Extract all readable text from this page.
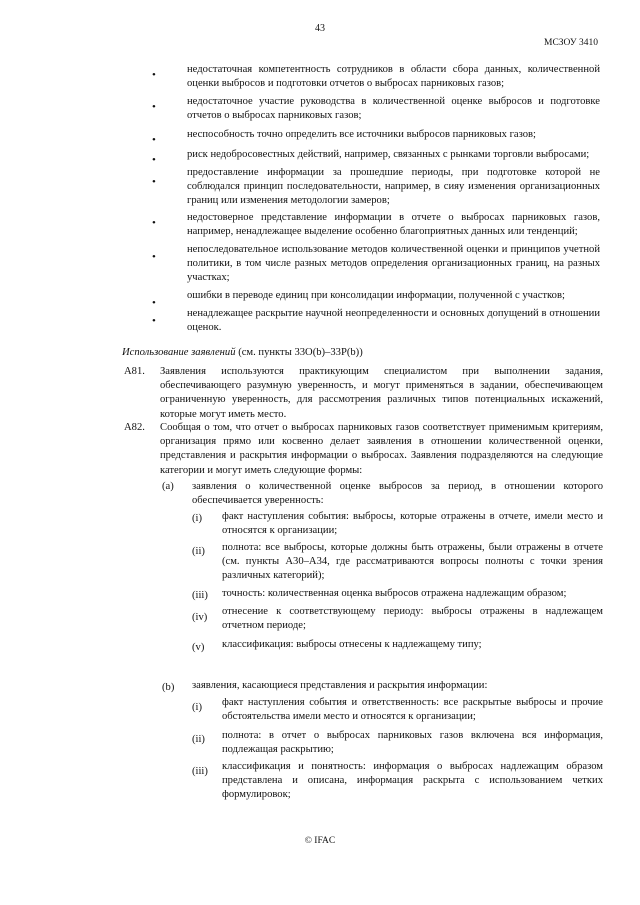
43
МСЗОУ 3410
•	недостаточная компетентность сотрудников в области сбора данных, количественной оценки выбросов и подготовки отчетов о выбросах парниковых газов;

•	недостаточное участие руководства в количественной оценке выбросов и подготовке отчетов о выбросах парниковых газов;

•	неспособность точно определить все источники выбросов парниковых газов;

•	риск недобросовестных действий, например, связанных с рынками торговли выбросами;

•

предоставление информации за прошедшие периоды, при подготовке которой не соблюдался принцип последовательности, например, в сияу изменения организационных границ или изменения методологии замеров;

•	недостоверное представление информации в отчете о выбросах парниковых газов, например, ненадлежащее выделение особенно благоприятных данных или тенденций;

•

непоследовательное использование методов количественной оценки и принципов учетной политики, в том числе разных методов определения организационных границ, на разных участках;

•

ошибки в переводе единиц при консолидации информации, полученной с участков;

•

ненадлежащее раскрытие научной неопределенности и основных допущений в отношении оценок.

Использование заявлений (см. пункты 33O(b)–33P(b))
A81. Заявления используются практикующим специалистом при выполнении задания, обеспечивающего разумную уверенность, и могут применяться в задании, обеспечивающем ограниченную уверенность, для рассмотрения различных типов потенциальных искажений, которые могут иметь место.

A82. Сообщая о том, что отчет о выбросах парниковых газов соответствует применимым критериям, организация прямо или косвенно делает заявления в отношении количественной оценки, представления и раскрытия информации о выбросах. Заявления подразделяются на следующие категории и могут иметь следующие формы:

(a) заявления о количественной оценке выбросов за период, в отношении которого обеспечивается уверенность:

(i) факт наступления события: выбросы, которые отражены в отчете, имели место и относятся к организации;

(ii) полнота: все выбросы, которые должны быть отражены, были отражены в отчете (см. пункты А30–А34, где рассматриваются вопросы полноты с точки зрения различных категорий);

(iii) точность: количественная оценка выбросов отражена надлежащим образом;

(iv)

отнесение к соответствующему периоду: выбросы отражены в надлежащем отчетном периоде;

(v) классификация: выбросы отнесены к надлежащему типу;

(b) заявления, касающиеся представления и раскрытия информации:

(i) факт наступления события и ответственность: все раскрытые выбросы и прочие обстоятельства имели место и относятся к организации;

(ii) полнота: в отчет о выбросах парниковых газов включена вся информация, подлежащая раскрытию;

(iii) классификация и понятность: информация о выбросах надлежащим образом представлена и описана, информация раскрыта с использованием четких формулировок;

© IFAC
